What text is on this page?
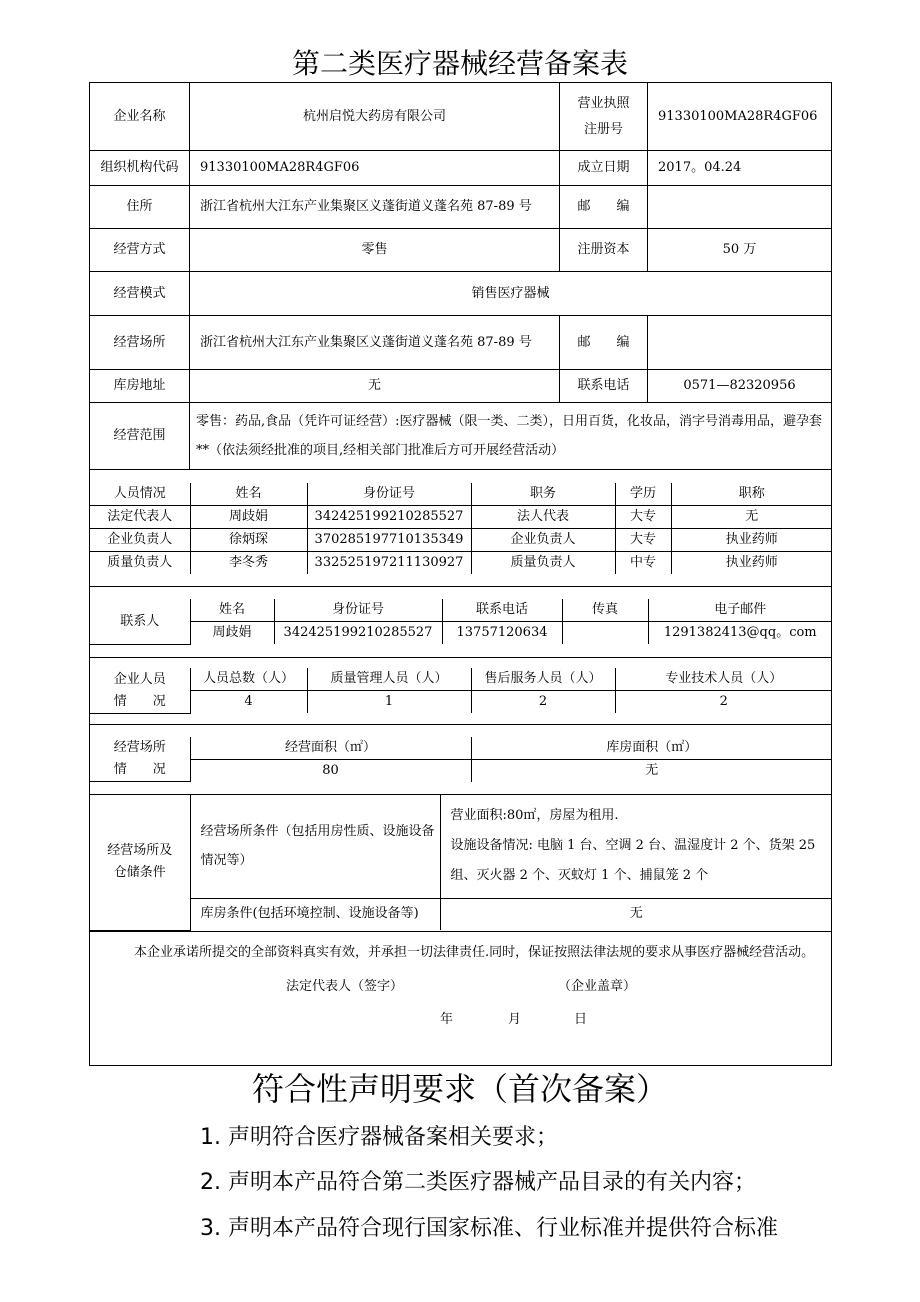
第二类医疗器械经营备案表
企业名称	杭州启悦大药房有限公司	营业执照
注册号	91330100MA28R4GF06
组织机构代码	91330100MA28R4GF06	成立日期	2017。04.24
住所	浙江省杭州大江东产业集聚区义蓬街道义蓬名苑 87-89 号	邮　　编	
经营方式	零售	注册资本	50 万
经营模式	销售医疗器械
经营场所	浙江省杭州大江东产业集聚区义蓬街道义蓬名苑 87-89 号	邮　　编	
库房地址	无	联系电话	0571—82320956
经营范围	零售：药品,食品（凭许可证经营）:医疗器械（限一类、二类），日用百货，化妆品，消字号消毒用品，避孕套**（依法须经批准的项目,经相关部门批准后方可开展经营活动）

人员情况	姓名	身份证号	职务	学历	职称
法定代表人	周歧娟	342425199210285527	法人代表	大专	无
企业负责人	徐炳琛	370285197710135349	企业负责人	大专	执业药师
质量负责人	李冬秀	332525197211130927	质量负责人	中专	执业药师

联系人	姓名	身份证号	联系电话	传真	电子邮件
周歧娟	342425199210285527	13757120634		1291382413@qq。com

企业人员
情　　况	人员总数（人）	质量管理人员（人）	售后服务人员（人）	专业技术人员（人）
4	1	2	2

经营场所
情　　况	经营面积（㎡）	库房面积（㎡）
80	无

经营场所及
仓储条件	经营场所条件（包括用房性质、设施设备情况等）	
营业面积:80㎡，房屋为租用.
设施设备情况: 电脑 1 台、空调 2 台、温湿度计 2 个、货架 25 组、灭火器 2 个、灭蚊灯 1 个、捕鼠笼 2 个

库房条件(包括环境控制、设施设备等)	无

本企业承诺所提交的全部资料真实有效，并承担一切法律责任.同时，保证按照法律法规的要求从事医疗器械经营活动。

法定代表人（签字）	（企业盖章）
年	月	日
符合性声明要求（首次备案）
1. 声明符合医疗器械备案相关要求；
2. 声明本产品符合第二类医疗器械产品目录的有关内容；
3. 声明本产品符合现行国家标准、行业标准并提供符合标准
